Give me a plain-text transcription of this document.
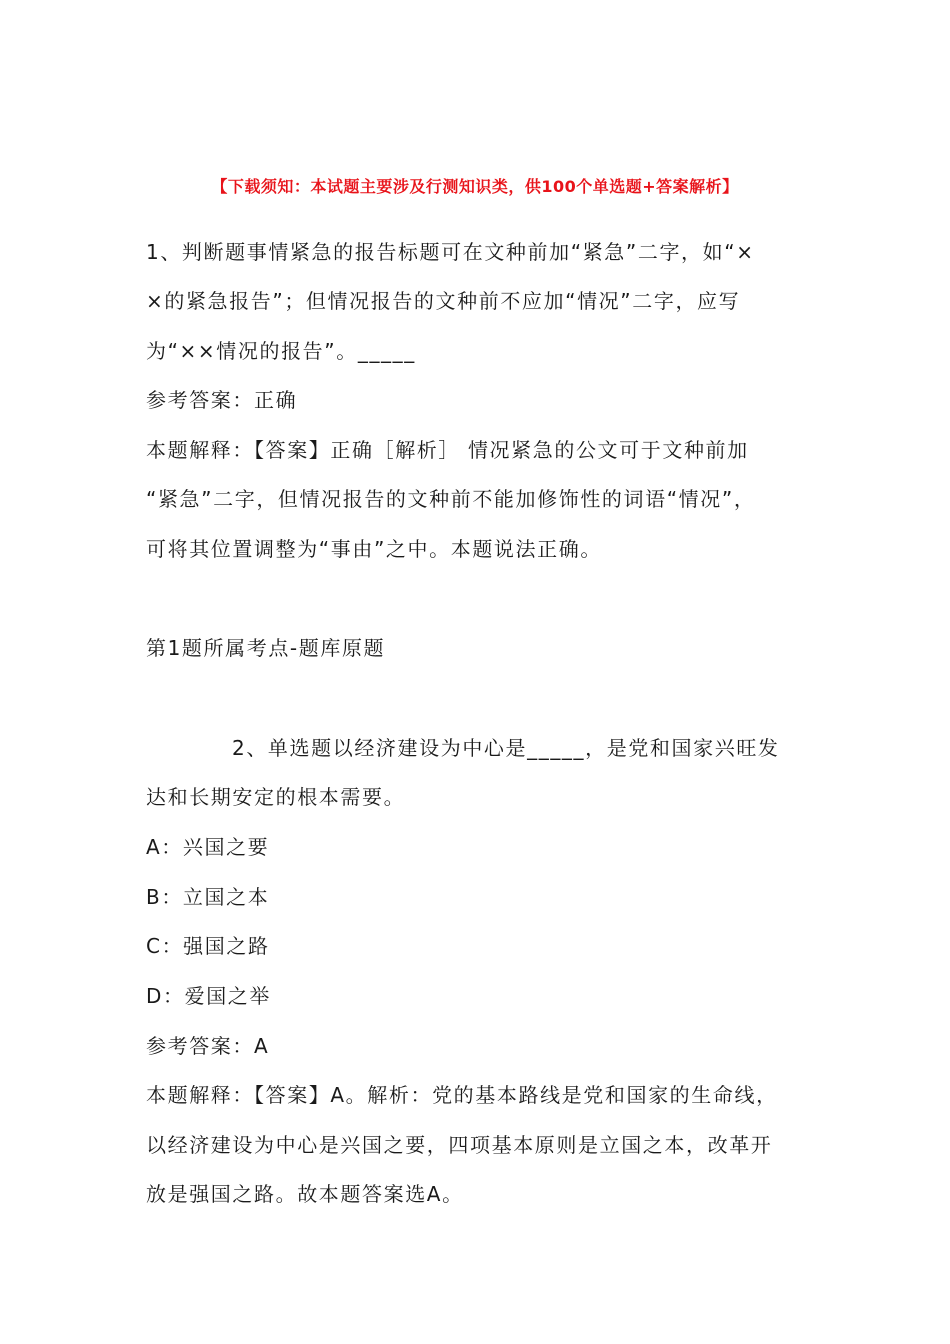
【下载须知：本试题主要涉及行测知识类，供100个单选题+答案解析】
1、判断题事情紧急的报告标题可在文种前加“紧急”二字，如“×
×的紧急报告”；但情况报告的文种前不应加“情况”二字，应写
为“××情况的报告”。_____
参考答案：正确
本题解释：【答案】正确［解析］ 情况紧急的公文可于文种前加
“紧急”二字，但情况报告的文种前不能加修饰性的词语“情况”，
可将其位置调整为“事由”之中。本题说法正确。
第1题所属考点-题库原题
2、单选题以经济建设为中心是_____，是党和国家兴旺发
达和长期安定的根本需要。
A：兴国之要
B：立国之本
C：强国之路
D：爱国之举
参考答案：A
本题解释：【答案】A。解析：党的基本路线是党和国家的生命线，
以经济建设为中心是兴国之要，四项基本原则是立国之本，改革开
放是强国之路。故本题答案选A。
